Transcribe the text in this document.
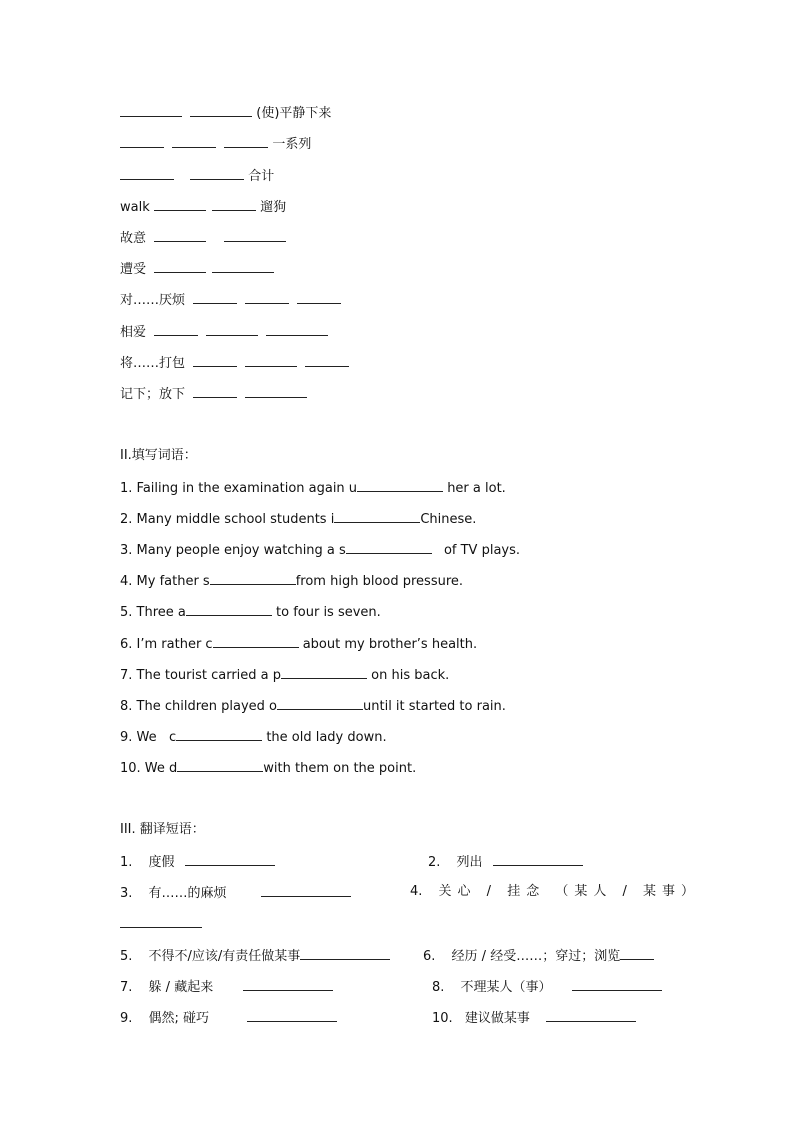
(使)平静下来
一系列
合计
walk	遛狗
故意
遭受
对……厌烦
相爱
将……打包
记下；放下
II.填写词语：
1. Failing in the examination again u	her a lot.
2. Many middle school students i	Chinese.
3. Many people enjoy watching a s	of TV plays.
4. My father s	from high blood pressure.
5. Three a	to four is seven.
6. I’m rather c	about my brother’s health.
7. The tourist carried a p	on his back.
8. The children played o	until it started to rain.
9. We   c	the old lady down.
10. We d	with them on the point.
III. 翻译短语：
1. 度假	2. 列出
3. 有……的麻烦	4. 关心 / 挂念 （某人 / 某事）
5. 不得不/应该/有责任做某事	6. 经历 / 经受……；穿过；浏览
7. 躲 / 藏起来	8. 不理某人（事）
9. 偶然; 碰巧	10. 建议做某事
